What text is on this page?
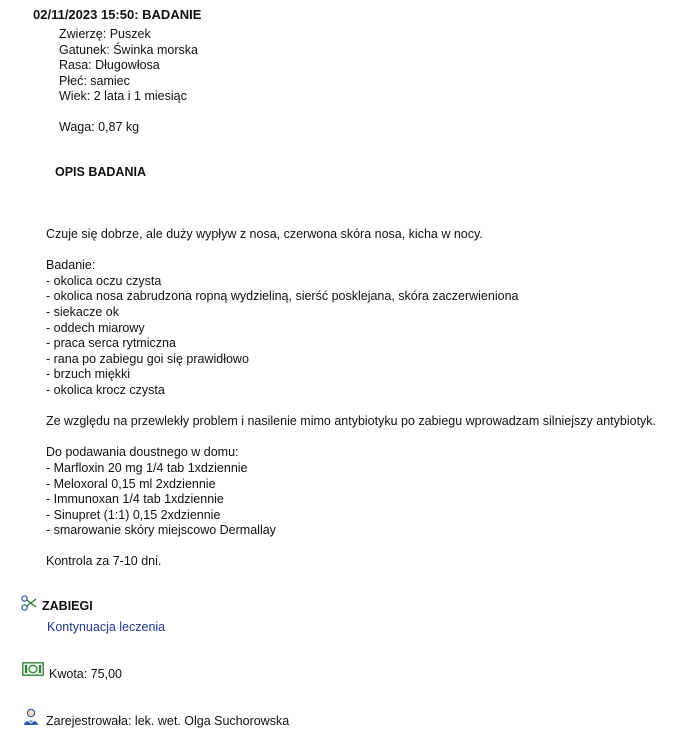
02/11/2023 15:50: BADANIE
Zwierzę: Puszek
Gatunek: Świnka morska
Rasa: Długowłosa
Płeć: samiec
Wiek: 2 lata i 1 miesiąc
Waga: 0,87 kg
OPIS BADANIA
Czuje się dobrze, ale duży wypływ z nosa, czerwona skóra nosa, kicha w nocy.
Badanie:
- okolica oczu czysta
- okolica nosa zabrudzona ropną wydzieliną, sierść posklejana, skóra zaczerwieniona
- siekacze ok
- oddech miarowy
- praca serca rytmiczna
- rana po zabiegu goi się prawidłowo
- brzuch miękki
- okolica krocz czysta
Ze względu na przewlekły problem i nasilenie mimo antybiotyku po zabiegu wprowadzam silniejszy antybiotyk.
Do podawania doustnego w domu:
- Marfloxin 20 mg 1/4 tab 1xdziennie
- Meloxoral 0,15 ml 2xdziennie
- Immunoxan 1/4 tab 1xdziennie
- Sinupret (1:1) 0,15 2xdziennie
- smarowanie skóry miejscowo Dermallay
Kontrola za 7-10 dni.
ZABIEGI
Kontynuacja leczenia
Kwota: 75,00
Zarejestrowała: lek. wet. Olga Suchorowska
